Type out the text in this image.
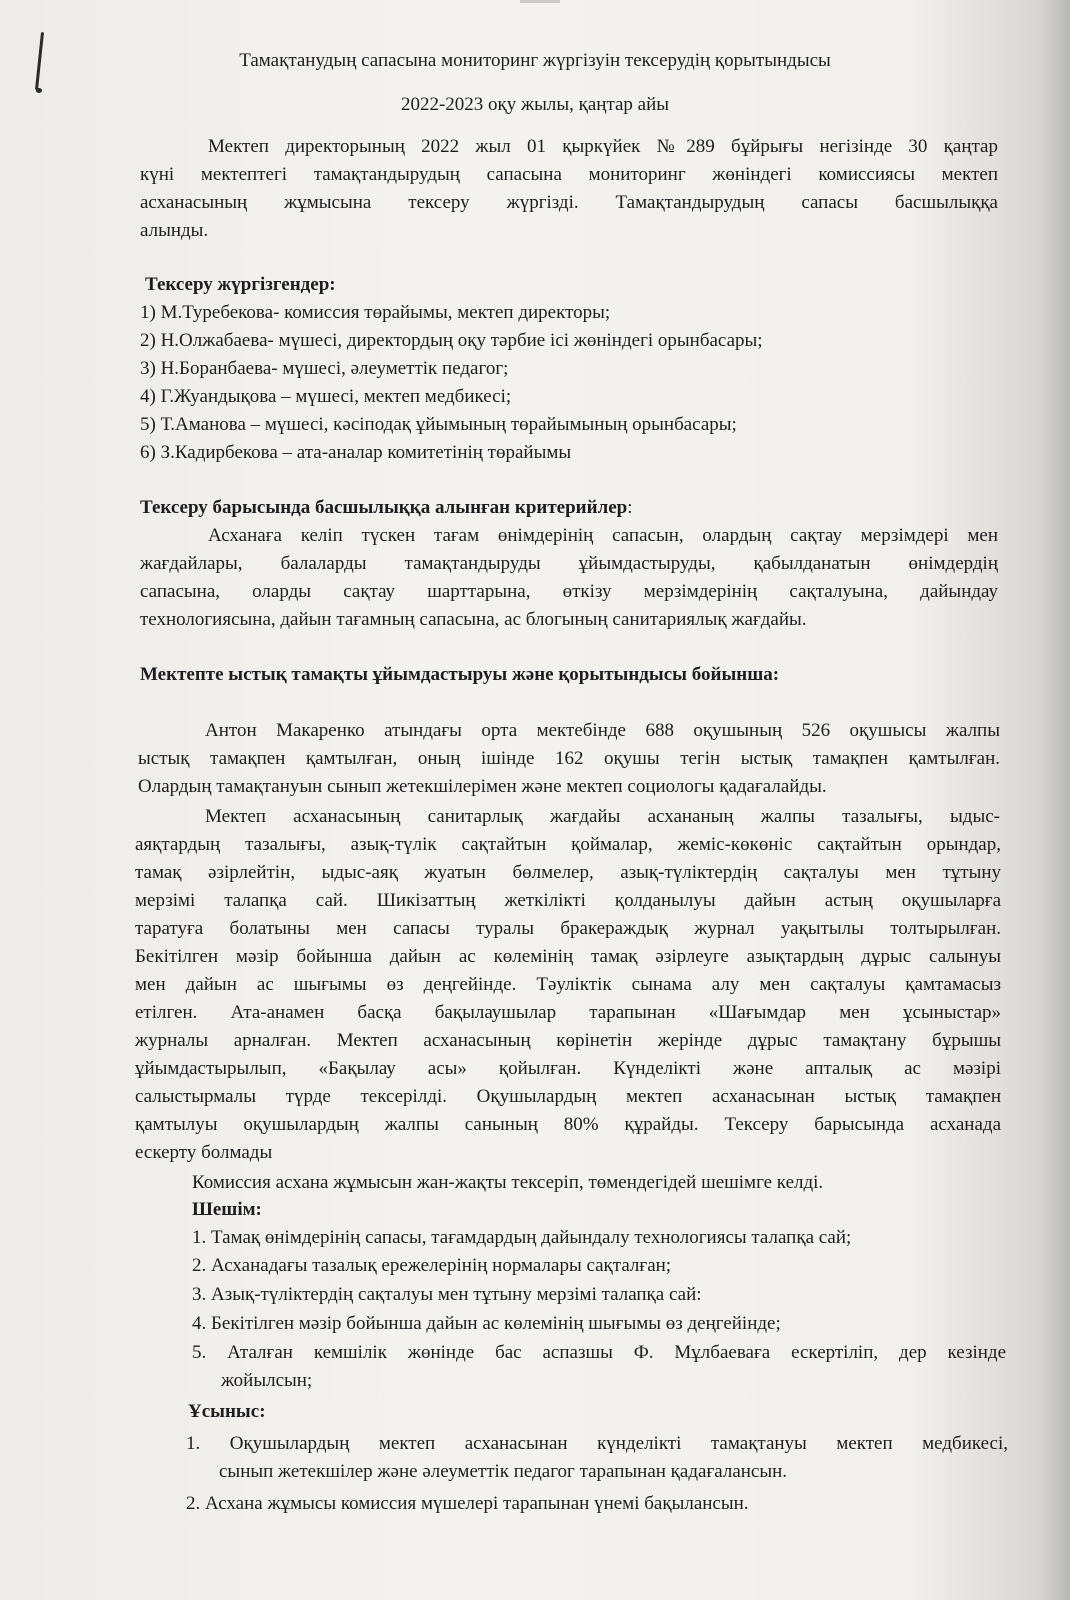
Тамақтанудың сапасына мониторинг жүргізуін тексерудің қорытындысы
2022-2023 оқу жылы, қаңтар айы
Мектеп директорының 2022 жыл 01 қыркүйек №289 бұйрығы негізінде 30 қаңтар
күні мектептегі тамақтандырудың сапасына мониторинг жөніндегі комиссиясы мектеп
асханасының жұмысына тексеру жүргізді. Тамақтандырудың сапасы басшылыққа
алынды.
Тексеру жүргізгендер:
1) М.Туребекова- комиссия төрайымы, мектеп директоры;
2) Н.Олжабаева- мүшесі, директордың оқу тәрбие ісі жөніндегі орынбасары;
3) Н.Боранбаева- мүшесі, әлеуметтік педагог;
4) Г.Жуандықова – мүшесі, мектеп медбикесі;
5) Т.Аманова – мүшесі, кәсіподақ ұйымының төрайымының орынбасары;
6) З.Кадирбекова – ата-аналар комитетінің төрайымы
Тексеру барысында басшылыққа алынған критерийлер:
Асханаға келіп түскен тағам өнімдерінің сапасын, олардың сақтау мерзімдері мен
жағдайлары, балаларды тамақтандыруды ұйымдастыруды, қабылданатын өнімдердің
сапасына, оларды сақтау шарттарына, өткізу мерзімдерінің сақталуына, дайындау
технологиясына, дайын тағамның сапасына, ас блогының санитариялық жағдайы.
Мектепте ыстық тамақты ұйымдастыруы және қорытындысы бойынша:
Антон Макаренко атындағы орта мектебінде 688 оқушының 526 оқушысы жалпы
ыстық тамақпен қамтылған, оның ішінде 162 оқушы тегін ыстық тамақпен қамтылған.
Олардың тамақтануын сынып жетекшілерімен және мектеп социологы қадағалайды.
Мектеп асханасының санитарлық жағдайы асхананың жалпы тазалығы, ыдыс-
аяқтардың тазалығы, азық-түлік сақтайтын қоймалар, жеміс-көкөніс сақтайтын орындар,
тамақ әзірлейтін, ыдыс-аяқ жуатын бөлмелер, азық-түліктердің сақталуы мен тұтыну
мерзімі талапқа сай. Шикізаттың жеткілікті қолданылуы дайын астың оқушыларға
таратуға болатыны мен сапасы туралы бракераждық журнал уақытылы толтырылған.
Бекітілген мәзір бойынша дайын ас көлемінің тамақ әзірлеуге азықтардың дұрыс салынуы
мен дайын ас шығымы өз деңгейінде. Тәуліктік сынама алу мен сақталуы қамтамасыз
етілген. Ата-анамен басқа бақылаушылар тарапынан «Шағымдар мен ұсыныстар»
журналы арналған. Мектеп асханасының көрінетін жерінде дұрыс тамақтану бұрышы
ұйымдастырылып, «Бақылау асы» қойылған. Күнделікті және апталық ас мәзірі
салыстырмалы түрде тексерілді. Оқушылардың мектеп асханасынан ыстық тамақпен
қамтылуы оқушылардың жалпы санының 80% құрайды. Тексеру барысында асханада
ескерту болмады
Комиссия асхана жұмысын жан-жақты тексеріп, төмендегідей шешімге келді.
Шешім:
1. Тамақ өнімдерінің сапасы, тағамдардың дайындалу технологиясы талапқа сай;
2. Асханадағы тазалық ережелерінің нормалары сақталған;
3. Азық-түліктердің сақталуы мен тұтыну мерзімі талапқа сай:
4. Бекітілген мәзір бойынша дайын ас көлемінің шығымы өз деңгейінде;
5. Аталған кемшілік жөнінде бас аспазшы Ф. Мұлбаеваға ескертіліп, дер кезінде
жойылсын;
Ұсыныс:
1. Оқушылардың мектеп асханасынан күнделікті тамақтануы мектеп медбикесі,
сынып жетекшілер және әлеуметтік педагог тарапынан қадағалансын.
2. Асхана жұмысы комиссия мүшелері тарапынан үнемі бақылансын.
